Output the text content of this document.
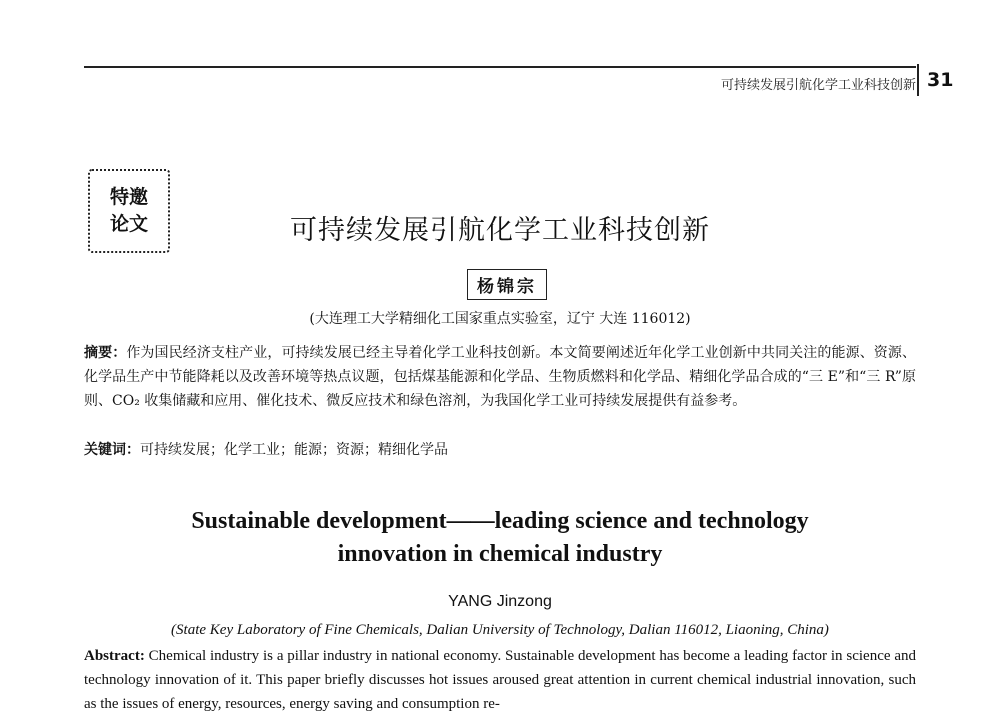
可持续发展引航化学工业科技创新 31
特邀
论文	可持续发展引航化学工业科技创新
杨锦宗
(大连理工大学精细化工国家重点实验室，辽宁 大连 116012)
摘要：作为国民经济支柱产业，可持续发展已经主导着化学工业科技创新。本文简要阐述近年化学工业创新中共同关注的能源、资源、化学品生产中节能降耗以及改善环境等热点议题，包括煤基能源和化学品、生物质燃料和化学品、精细化学品合成的“三 E”和“三 R”原则、CO₂ 收集储藏和应用、催化技术、微反应技术和绿色溶剂，为我国化学工业可持续发展提供有益参考。
关键词：可持续发展；化学工业；能源；资源；精细化学品
Sustainable development——leading science and technology
innovation in chemical industry
YANG Jinzong
(State Key Laboratory of Fine Chemicals, Dalian University of Technology, Dalian 116012, Liaoning, China)
Abstract: Chemical industry is a pillar industry in national economy. Sustainable development has become a leading factor in science and technology innovation of it. This paper briefly discusses hot issues aroused great attention in current chemical industrial innovation, such as the issues of energy, resources, energy saving and consumption re-
